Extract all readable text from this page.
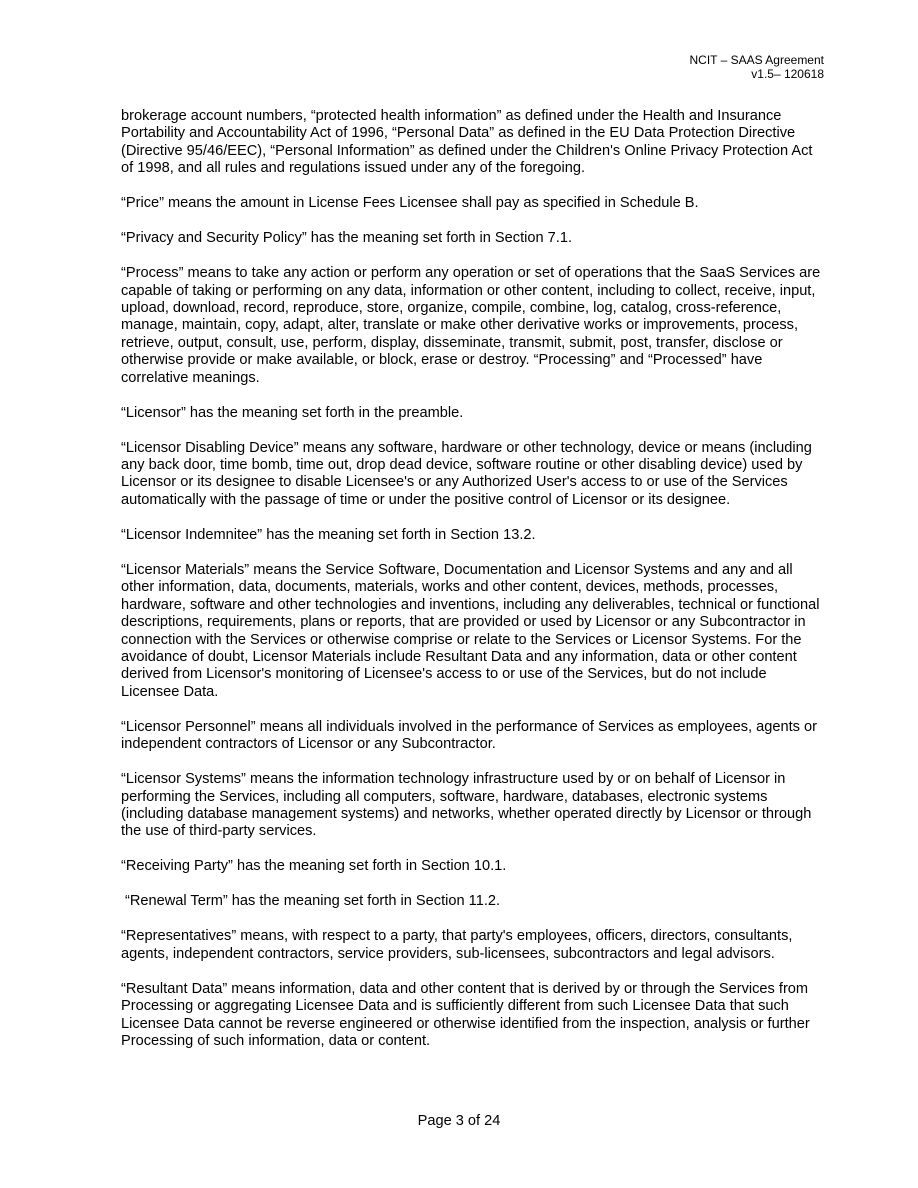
NCIT – SAAS Agreement
v1.5– 120618

brokerage account numbers, “protected health information” as defined under the Health and Insurance Portability and Accountability Act of 1996, “Personal Data” as defined in the EU Data Protection Directive (Directive 95/46/EEC), “Personal Information” as defined under the Children's Online Privacy Protection Act of 1998, and all rules and regulations issued under any of the foregoing.

“Price” means the amount in License Fees Licensee shall pay as specified in Schedule B.

“Privacy and Security Policy” has the meaning set forth in Section 7.1.

“Process” means to take any action or perform any operation or set of operations that the SaaS Services are capable of taking or performing on any data, information or other content, including to collect, receive, input, upload, download, record, reproduce, store, organize, compile, combine, log, catalog, cross-reference, manage, maintain, copy, adapt, alter, translate or make other derivative works or improvements, process, retrieve, output, consult, use, perform, display, disseminate, transmit, submit, post, transfer, disclose or otherwise provide or make available, or block, erase or destroy. “Processing” and “Processed” have correlative meanings.

“Licensor” has the meaning set forth in the preamble.

“Licensor Disabling Device” means any software, hardware or other technology, device or means (including any back door, time bomb, time out, drop dead device, software routine or other disabling device) used by Licensor or its designee to disable Licensee's or any Authorized User's access to or use of the Services automatically with the passage of time or under the positive control of Licensor or its designee.

“Licensor Indemnitee” has the meaning set forth in Section 13.2.

“Licensor Materials” means the Service Software, Documentation and Licensor Systems and any and all other information, data, documents, materials, works and other content, devices, methods, processes, hardware, software and other technologies and inventions, including any deliverables, technical or functional descriptions, requirements, plans or reports, that are provided or used by Licensor or any Subcontractor in connection with the Services or otherwise comprise or relate to the Services or Licensor Systems. For the avoidance of doubt, Licensor Materials include Resultant Data and any information, data or other content derived from Licensor's monitoring of Licensee's access to or use of the Services, but do not include Licensee Data.

“Licensor Personnel” means all individuals involved in the performance of Services as employees, agents or independent contractors of Licensor or any Subcontractor.

“Licensor Systems” means the information technology infrastructure used by or on behalf of Licensor in performing the Services, including all computers, software, hardware, databases, electronic systems (including database management systems) and networks, whether operated directly by Licensor or through the use of third-party services.

“Receiving Party” has the meaning set forth in Section 10.1.

“Renewal Term” has the meaning set forth in Section 11.2.

“Representatives” means, with respect to a party, that party's employees, officers, directors, consultants, agents, independent contractors, service providers, sub-licensees, subcontractors and legal advisors.

“Resultant Data” means information, data and other content that is derived by or through the Services from Processing or aggregating Licensee Data and is sufficiently different from such Licensee Data that such Licensee Data cannot be reverse engineered or otherwise identified from the inspection, analysis or further Processing of such information, data or content.

Page 3 of 24
